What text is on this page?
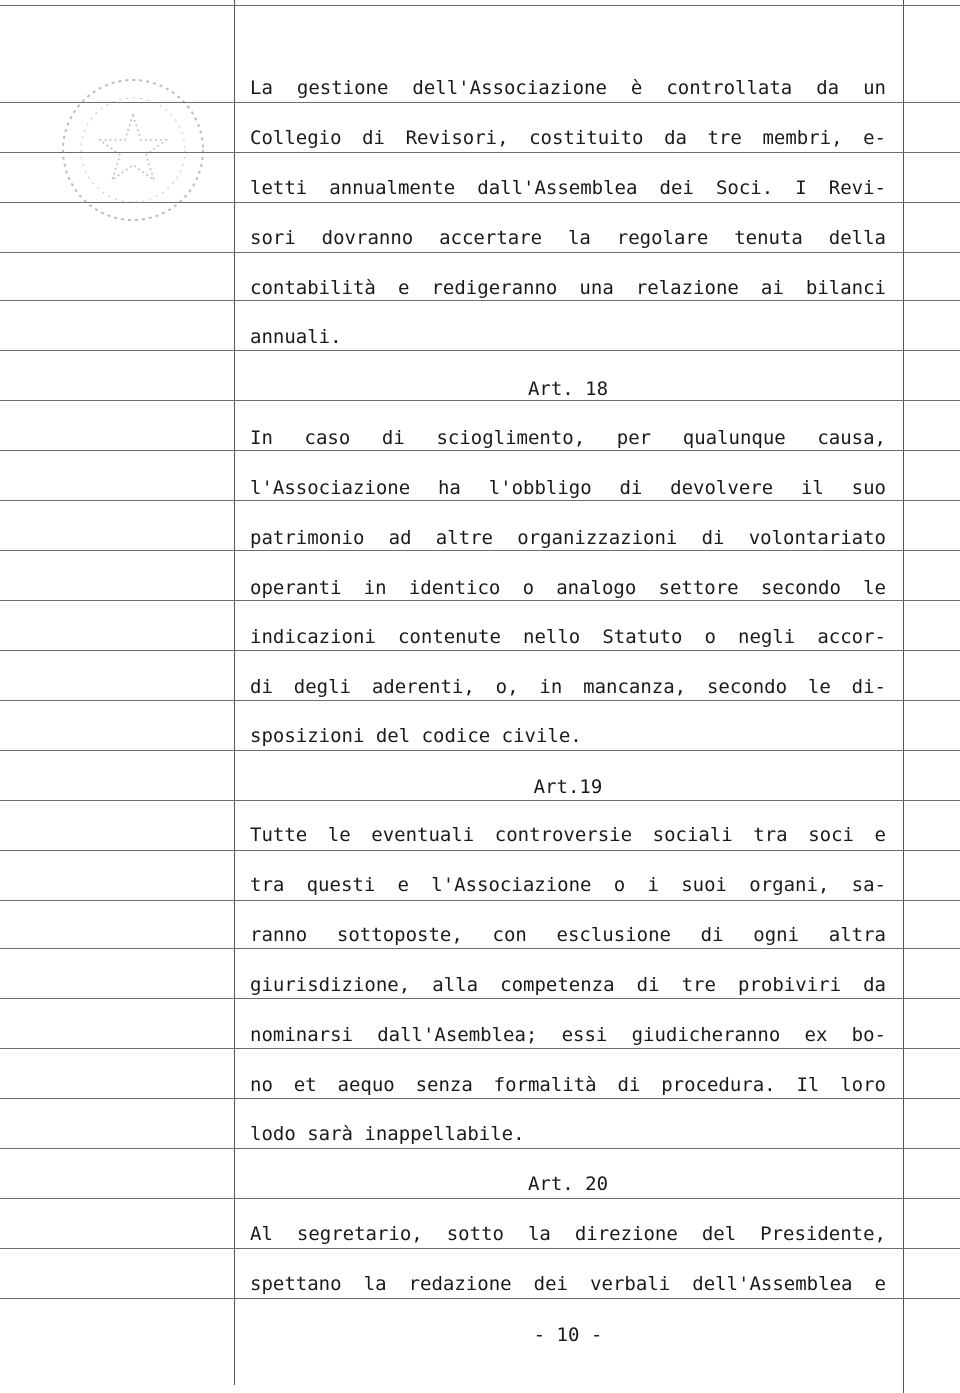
La gestione dell'Associazione è controllata da un
Collegio di Revisori, costituito da tre membri, e-
letti annualmente dall'Assemblea dei Soci. I Revi-
sori dovranno accertare la regolare tenuta della
contabilità e redigeranno una relazione ai bilanci
annuali.
Art. 18
In caso di scioglimento, per qualunque causa,
l'Associazione ha l'obbligo di devolvere il suo
patrimonio ad altre organizzazioni di volontariato
operanti in identico o analogo settore secondo le
indicazioni contenute nello Statuto o negli accor-
di degli aderenti, o, in mancanza, secondo le di-
sposizioni del codice civile.
Art.19
Tutte le eventuali controversie sociali tra soci e
tra questi e l'Associazione o i suoi organi, sa-
ranno sottoposte, con esclusione di ogni altra
giurisdizione, alla competenza di tre probiviri da
nominarsi dall'Asemblea; essi giudicheranno ex bo-
no et aequo senza formalità di procedura. Il loro
lodo sarà inappellabile.
Art. 20
Al segretario, sotto la direzione del Presidente,
spettano la redazione dei verbali dell'Assemblea e
- 10 -
